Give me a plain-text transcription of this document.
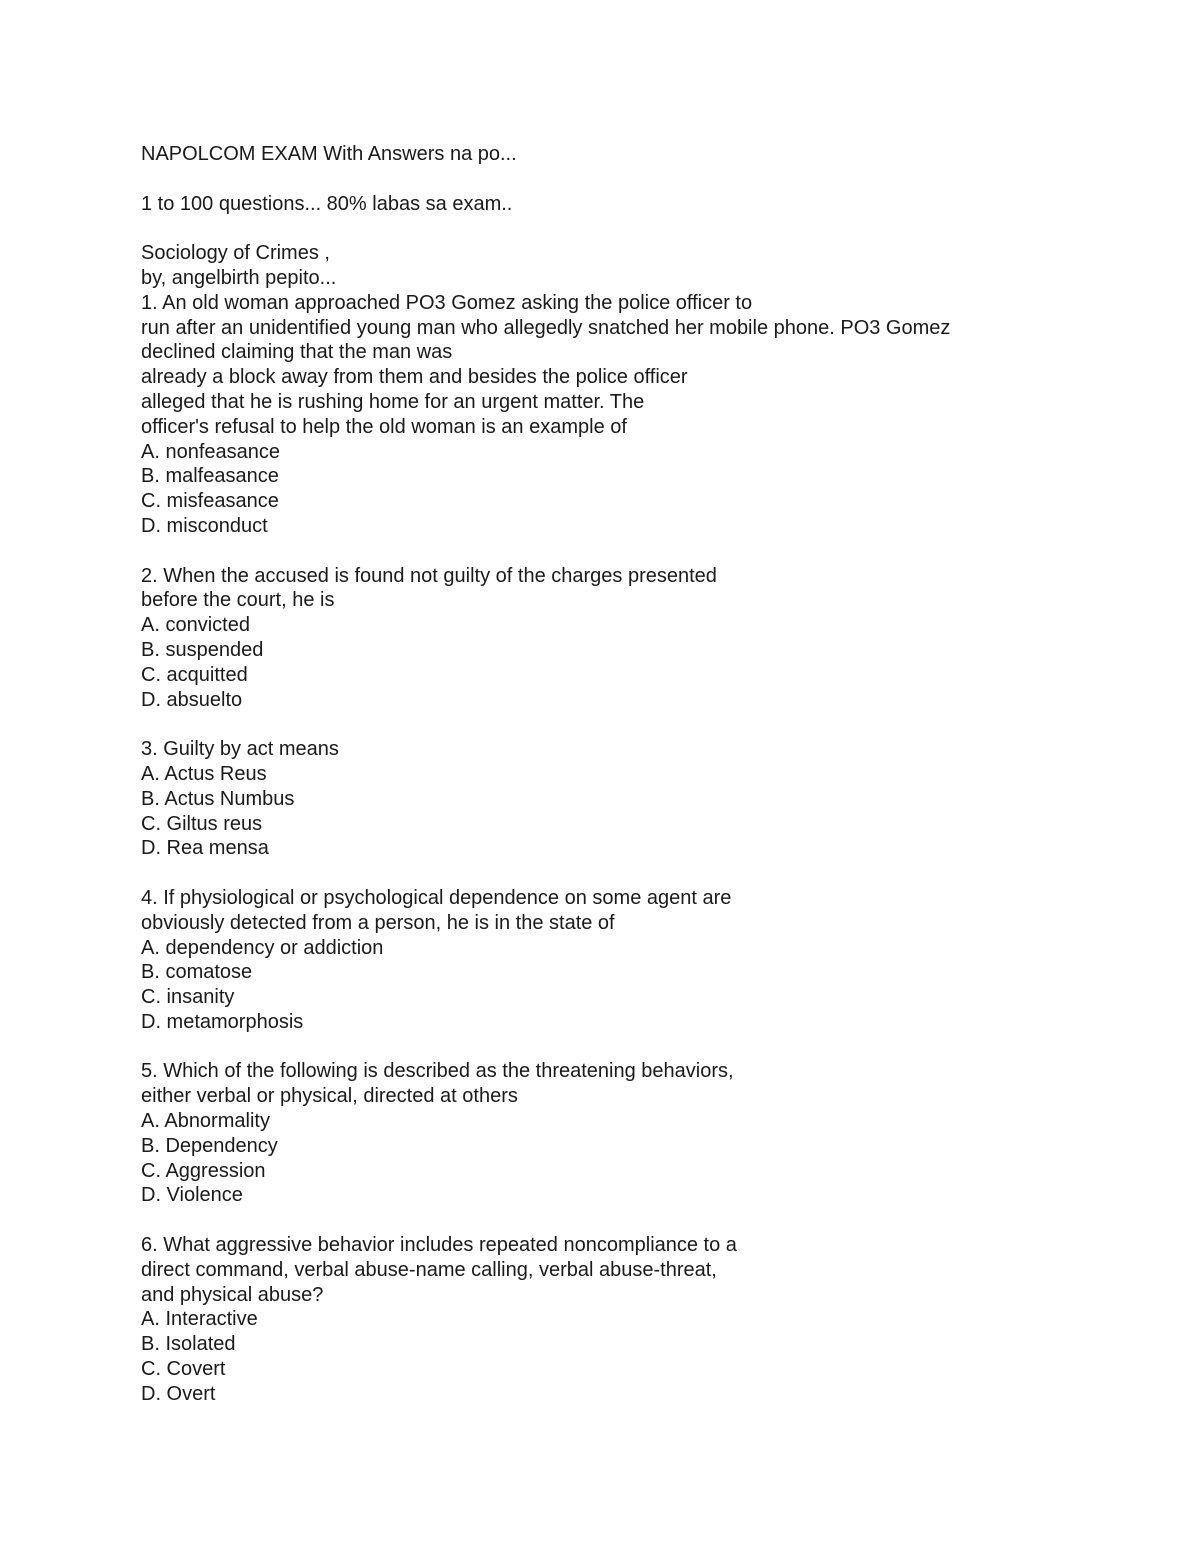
NAPOLCOM EXAM With Answers na po...
1 to 100 questions... 80% labas sa exam..
Sociology of Crimes ,
by, angelbirth pepito...
1. An old woman approached PO3 Gomez asking the police officer to
run after an unidentified young man who allegedly snatched her mobile phone. PO3 Gomez
declined claiming that the man was
already a block away from them and besides the police officer
alleged that he is rushing home for an urgent matter. The
officer's refusal to help the old woman is an example of
A. nonfeasance
B. malfeasance
C. misfeasance
D. misconduct
2. When the accused is found not guilty of the charges presented
before the court, he is
A. convicted
B. suspended
C. acquitted
D. absuelto
3. Guilty by act means
A. Actus Reus
B. Actus Numbus
C. Giltus reus
D. Rea mensa
4. If physiological or psychological dependence on some agent are
obviously detected from a person, he is in the state of
A. dependency or addiction
B. comatose
C. insanity
D. metamorphosis
5. Which of the following is described as the threatening behaviors,
either verbal or physical, directed at others
A. Abnormality
B. Dependency
C. Aggression
D. Violence
6. What aggressive behavior includes repeated noncompliance to a
direct command, verbal abuse-name calling, verbal abuse-threat,
and physical abuse?
A. Interactive
B. Isolated
C. Covert
D. Overt
